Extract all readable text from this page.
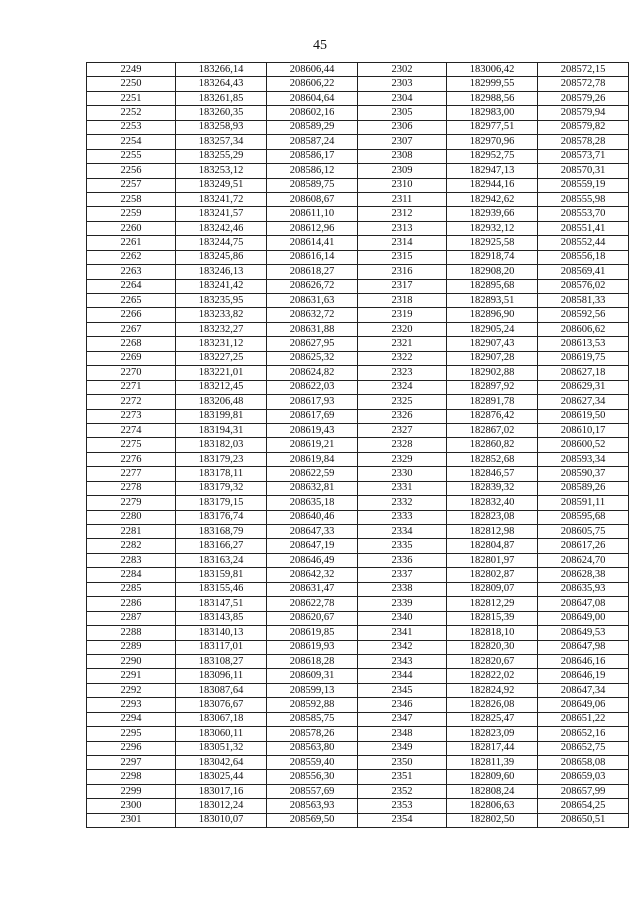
45
2249	183266,14	208606,44	2302	183006,42	208572,15
2250	183264,43	208606,22	2303	182999,55	208572,78
2251	183261,85	208604,64	2304	182988,56	208579,26
2252	183260,35	208602,16	2305	182983,00	208579,94
2253	183258,93	208589,29	2306	182977,51	208579,82
2254	183257,34	208587,24	2307	182970,96	208578,28
2255	183255,29	208586,17	2308	182952,75	208573,71
2256	183253,12	208586,12	2309	182947,13	208570,31
2257	183249,51	208589,75	2310	182944,16	208559,19
2258	183241,72	208608,67	2311	182942,62	208555,98
2259	183241,57	208611,10	2312	182939,66	208553,70
2260	183242,46	208612,96	2313	182932,12	208551,41
2261	183244,75	208614,41	2314	182925,58	208552,44
2262	183245,86	208616,14	2315	182918,74	208556,18
2263	183246,13	208618,27	2316	182908,20	208569,41
2264	183241,42	208626,72	2317	182895,68	208576,02
2265	183235,95	208631,63	2318	182893,51	208581,33
2266	183233,82	208632,72	2319	182896,90	208592,56
2267	183232,27	208631,88	2320	182905,24	208606,62
2268	183231,12	208627,95	2321	182907,43	208613,53
2269	183227,25	208625,32	2322	182907,28	208619,75
2270	183221,01	208624,82	2323	182902,88	208627,18
2271	183212,45	208622,03	2324	182897,92	208629,31
2272	183206,48	208617,93	2325	182891,78	208627,34
2273	183199,81	208617,69	2326	182876,42	208619,50
2274	183194,31	208619,43	2327	182867,02	208610,17
2275	183182,03	208619,21	2328	182860,82	208600,52
2276	183179,23	208619,84	2329	182852,68	208593,34
2277	183178,11	208622,59	2330	182846,57	208590,37
2278	183179,32	208632,81	2331	182839,32	208589,26
2279	183179,15	208635,18	2332	182832,40	208591,11
2280	183176,74	208640,46	2333	182823,08	208595,68
2281	183168,79	208647,33	2334	182812,98	208605,75
2282	183166,27	208647,19	2335	182804,87	208617,26
2283	183163,24	208646,49	2336	182801,97	208624,70
2284	183159,81	208642,32	2337	182802,87	208628,38
2285	183155,46	208631,47	2338	182809,07	208635,93
2286	183147,51	208622,78	2339	182812,29	208647,08
2287	183143,85	208620,67	2340	182815,39	208649,00
2288	183140,13	208619,85	2341	182818,10	208649,53
2289	183117,01	208619,93	2342	182820,30	208647,98
2290	183108,27	208618,28	2343	182820,67	208646,16
2291	183096,11	208609,31	2344	182822,02	208646,19
2292	183087,64	208599,13	2345	182824,92	208647,34
2293	183076,67	208592,88	2346	182826,08	208649,06
2294	183067,18	208585,75	2347	182825,47	208651,22
2295	183060,11	208578,26	2348	182823,09	208652,16
2296	183051,32	208563,80	2349	182817,44	208652,75
2297	183042,64	208559,40	2350	182811,39	208658,08
2298	183025,44	208556,30	2351	182809,60	208659,03
2299	183017,16	208557,69	2352	182808,24	208657,99
2300	183012,24	208563,93	2353	182806,63	208654,25
2301	183010,07	208569,50	2354	182802,50	208650,51
